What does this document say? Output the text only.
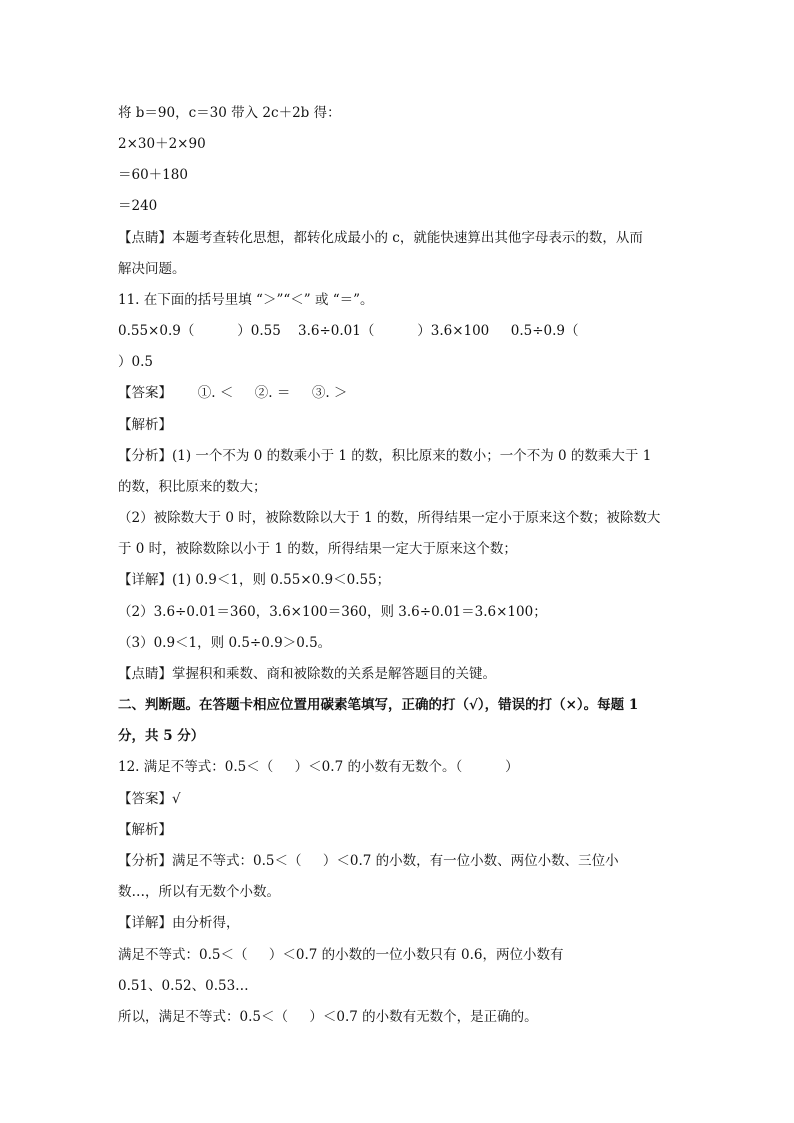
将 b＝90，c＝30 带入 2c＋2b 得：
2×30＋2×90
＝60＋180
＝240
【点睛】本题考查转化思想，都转化成最小的 c，就能快速算出其他字母表示的数，从而
解决问题。
11. 在下面的括号里填 “＞”“＜” 或 “＝”。
0.55×0.9（          ）0.55    3.6÷0.01（          ）3.6×100     0.5÷0.9（
）0.5
【答案】      ①. ＜     ②. ＝     ③. ＞
【解析】
【分析】(1) 一个不为 0 的数乘小于 1 的数，积比原来的数小；一个不为 0 的数乘大于 1
的数，积比原来的数大；
（2）被除数大于 0 时，被除数除以大于 1 的数，所得结果一定小于原来这个数；被除数大
于 0 时，被除数除以小于 1 的数，所得结果一定大于原来这个数；
【详解】(1) 0.9＜1，则 0.55×0.9＜0.55；
（2）3.6÷0.01＝360，3.6×100＝360，则 3.6÷0.01＝3.6×100；
（3）0.9＜1，则 0.5÷0.9＞0.5。
【点睛】掌握积和乘数、商和被除数的关系是解答题目的关键。
二、判断题。在答题卡相应位置用碳素笔填写，正确的打（√），错误的打（×）。每题 1
分，共 5 分）
12. 满足不等式：0.5＜（     ）＜0.7 的小数有无数个。（          ）
【答案】√
【解析】
【分析】满足不等式：0.5＜（     ）＜0.7 的小数，有一位小数、两位小数、三位小
数…，所以有无数个小数。
【详解】由分析得，
满足不等式：0.5＜（     ）＜0.7 的小数的一位小数只有 0.6，两位小数有
0.51、0.52、0.53…
所以，满足不等式：0.5＜（     ）＜0.7 的小数有无数个，是正确的。
